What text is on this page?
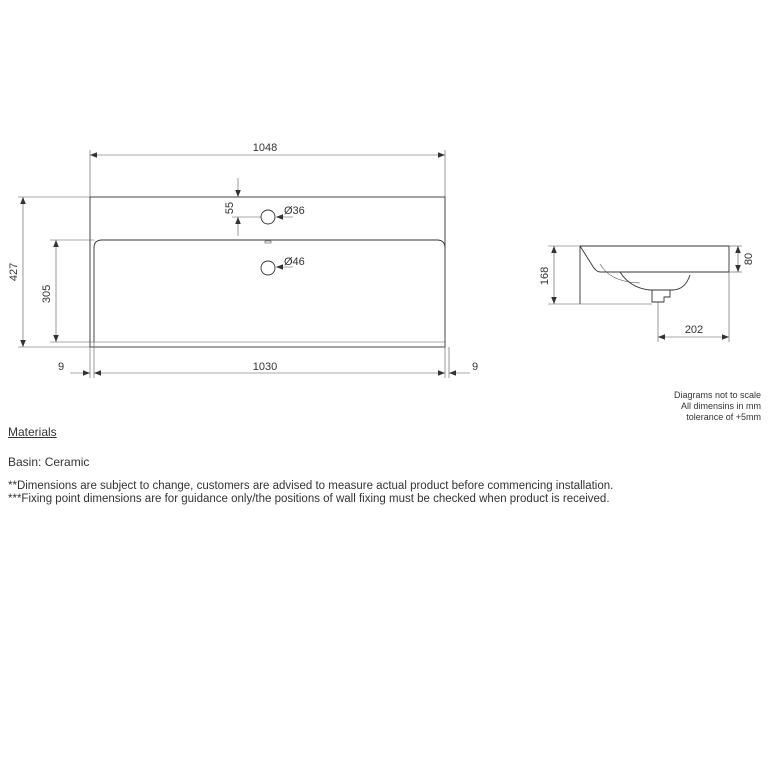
1048
427
305
55	Ø36
Ø46
9	1030	9
168
80
202
Diagrams not to scale
All dimensins in mm
tolerance of +5mm
Materials
Basin: Ceramic
**Dimensions are subject to change, customers are advised to measure actual product before commencing installation.
***Fixing point dimensions are for guidance only/the positions of wall fixing must be checked when product is received.
